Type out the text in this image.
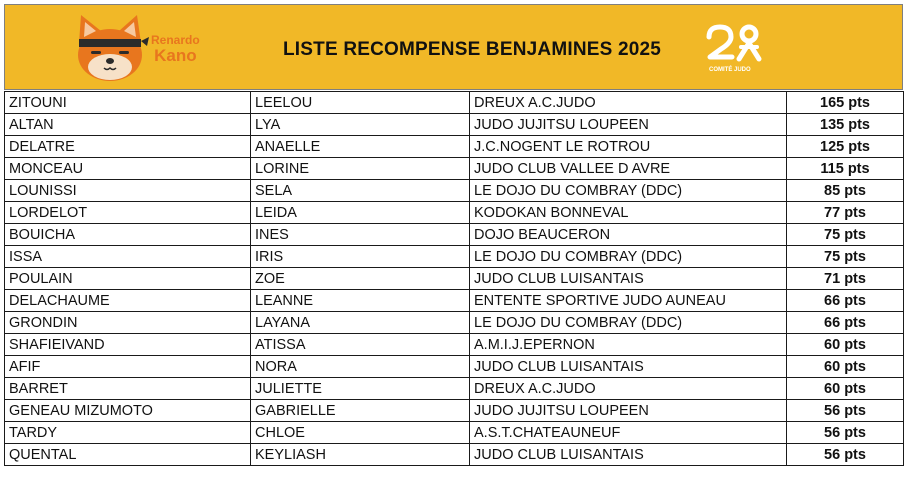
Renardo
Kano	LISTE RECOMPENSE BENJAMINES 2025
COMITÉ JUDO
ZITOUNI	LEELOU	DREUX A.C.JUDO	165 pts
ALTAN	LYA	JUDO JUJITSU LOUPEEN	135 pts
DELATRE	ANAELLE	J.C.NOGENT LE ROTROU	125 pts
MONCEAU	LORINE	JUDO CLUB VALLEE D AVRE	115 pts
LOUNISSI	SELA	LE DOJO DU COMBRAY (DDC)	85 pts
LORDELOT	LEIDA	KODOKAN BONNEVAL	77 pts
BOUICHA	INES	DOJO BEAUCERON	75 pts
ISSA	IRIS	LE DOJO DU COMBRAY (DDC)	75 pts
POULAIN	ZOE	JUDO CLUB LUISANTAIS	71 pts
DELACHAUME	LEANNE	ENTENTE SPORTIVE JUDO AUNEAU	66 pts
GRONDIN	LAYANA	LE DOJO DU COMBRAY (DDC)	66 pts
SHAFIEIVAND	ATISSA	A.M.I.J.EPERNON	60 pts
AFIF	NORA	JUDO CLUB LUISANTAIS	60 pts
BARRET	JULIETTE	DREUX A.C.JUDO	60 pts
GENEAU MIZUMOTO	GABRIELLE	JUDO JUJITSU LOUPEEN	56 pts
TARDY	CHLOE	A.S.T.CHATEAUNEUF	56 pts
QUENTAL	KEYLIASH	JUDO CLUB LUISANTAIS	56 pts
